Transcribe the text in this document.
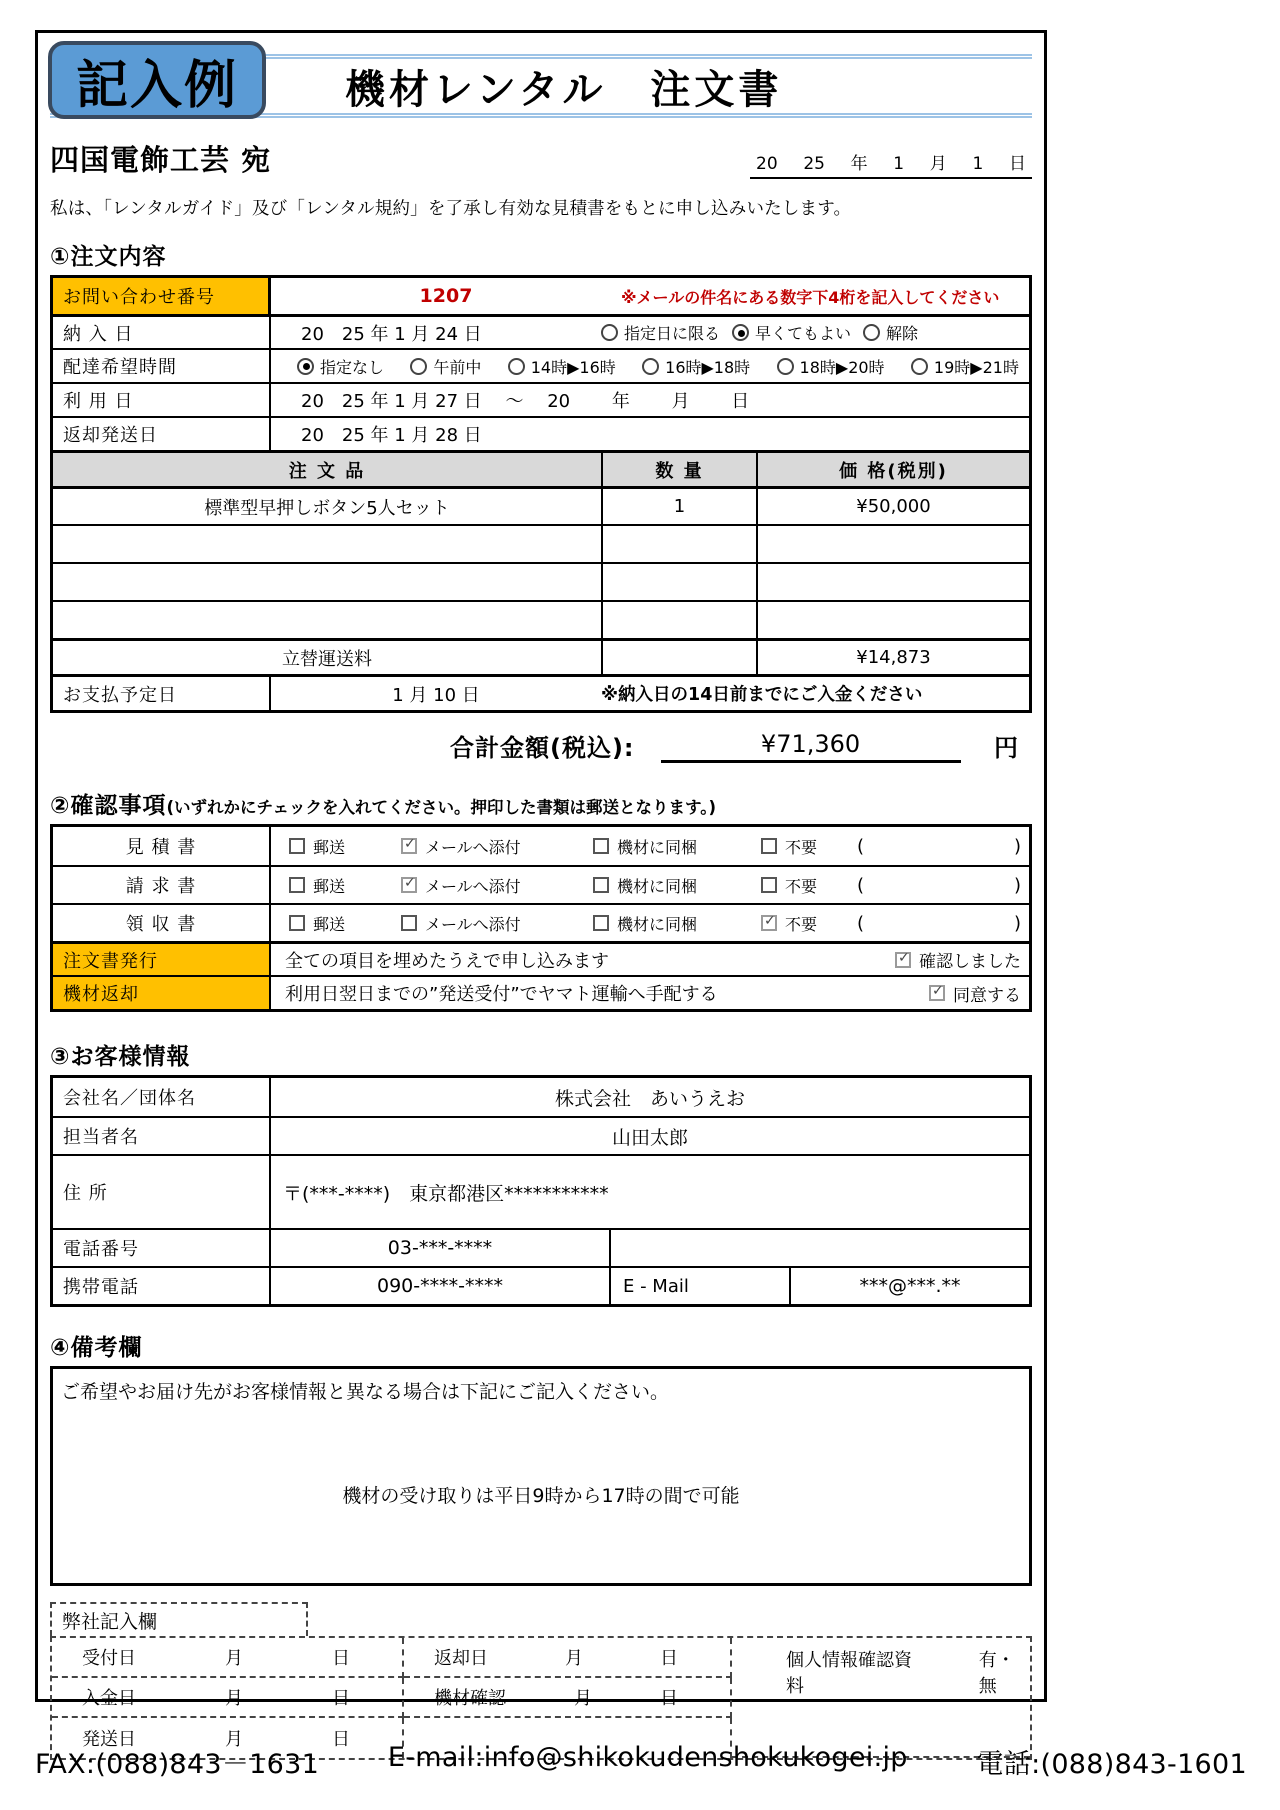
記入例	機材レンタル　注文書
四国電飾工芸 宛	20 25 年 1 月 1 日
私は、「レンタルガイド」及び「レンタル規約」を了承し有効な見積書をもとに申し込みいたします。
①注文内容
お問い合わせ番号	1207	※メールの件名にある数字下4桁を記入してください
納 入 日	20　25 年 1 月 24 日	指定日に限る 早くてもよい 解除
配達希望時間	指定なし	午前中	14時▶16時	16時▶18時	18時▶20時	19時▶21時
利 用 日	20　25 年 1 月 27 日　 ～ 　20　　 年　　 月　　 日
返却発送日	20　25 年 1 月 28 日
注 文 品	数 量	価 格(税別)
標準型早押しボタン5人セット	1	¥50,000
立替運送料	¥14,873
お支払予定日	1 月 10 日	※納入日の14日前までにご入金ください
合計金額(税込):	¥71,360	円
②確認事項 (いずれかにチェックを入れてください。押印した書類は郵送となります。)
見 積 書	郵送 ✓	メールへ添付	機材に同梱	不要 (	)
請 求 書	郵送 ✓	メールへ添付	機材に同梱	不要 (	)
領 収 書	郵送	メールへ添付	機材に同梱 ✓	不要 (	)
注文書発行	全ての項目を埋めたうえで申し込みます ✓	確認しました
機材返却	利用日翌日までの”発送受付”でヤマト運輸へ手配する ✓	同意する
③お客様情報
会社名／団体名	株式会社　あいうえお
担当者名	山田太郎
住 所	〒(***-****)　東京都港区***********
電話番号	03-***-****
携帯電話	090-****-****	E - Mail	***@***.**
④備考欄
ご希望やお届け先がお客様情報と異なる場合は下記にご記入ください。
機材の受け取りは平日9時から17時の間で可能
弊社記入欄
受付日	月	日	返却日	月	日	個人情報確認資料
有・無
入金日	月	日	機材確認	月	日
発送日	月	日
FAX:(088)843－1631	E-mail:info@shikokudenshokukogei.jp	電話:(088)843-1601
